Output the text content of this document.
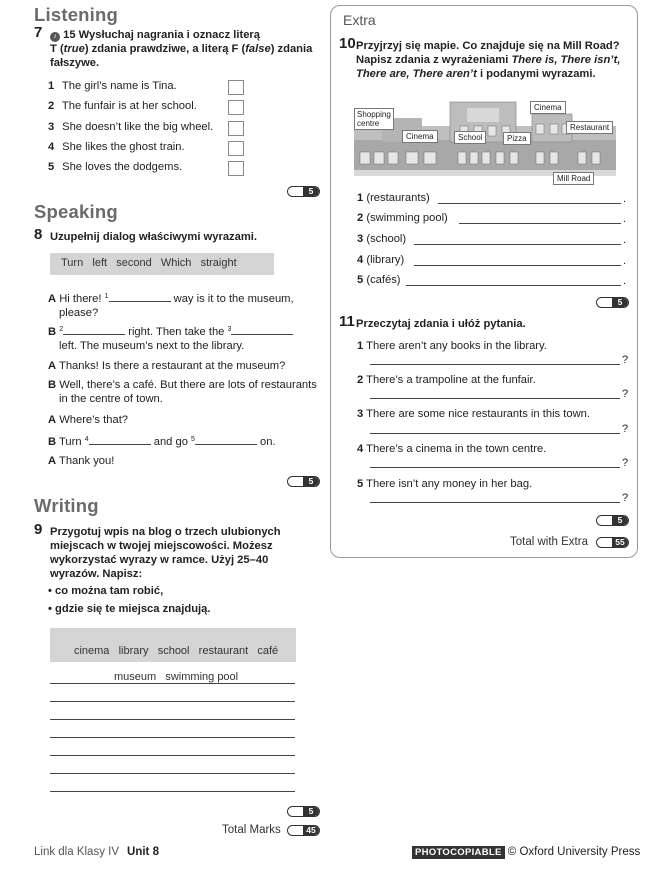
Listening
7	♪ 15 Wysłuchaj nagrania i oznacz literą
T (true) zdania prawdziwe, a literą F (false) zdania
fałszywe.
1 The girl’s name is Tina.
2 The funfair is at her school.
3 She doesn’t like the big wheel.
4 She likes the ghost train.
5 She loves the dodgems.
5
Speaking
8 Uzupełnij dialog właściwymi wyrazami.
Turn   left   second   Which   straight
A Hi there! $^1$	way is it to the museum,
please?
B $^2$	right. Then take the $^3$
left. The museum’s next to the library.
A Thanks! Is there a restaurant at the museum?
B Well, there’s a café. But there are lots of restaurants
in the centre of town.
A Where’s that?
B Turn $^4$	and go $^5$	on.
A Thank you!
5
Writing
9 Przygotuj wpis na blog o trzech ulubionych
miejscach w twojej miejscowości. Możesz
wykorzystać wyrazy w ramce. Użyj 25–40
wyrazów. Napisz:
• co można tam robić,
• gdzie się te miejsca znajdują.

cinema   library   school   restaurant   café

museum   swimming pool

5
Total Marks	45
Extra
10 Przyjrzyj się mapie. Co znajduje się na Mill Road?
Napisz zdania z wyrażeniami There is, There isn’t,
There are, There aren’t i podanymi wyrazami.
Shopping centre
Cinema	School	Pizza
Cinema
Restaurant
Mill Road
1 (restaurants)	.
2 (swimming pool)	.
3 (school)	.
4 (library)	.
5 (cafés)	.
5
11 Przeczytaj zdania i ułóż pytania.
1 There aren’t any books in the library.
?
2 There’s a trampoline at the funfair.
?
3 There are some nice restaurants in this town.
?
4 There’s a cinema in the town centre.
?
5 There isn’t any money in her bag.
?
5
Total with Extra	55
Link dla Klasy IV Unit 8	PHOTOCOPIABLE © Oxford University Press
